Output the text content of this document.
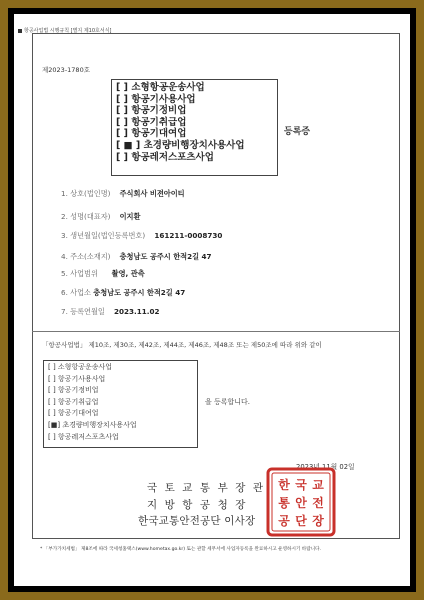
항공사업법 시행규칙 [별지 제10호서식]
제2023-1780호
[ ] 소형항공운송사업
[ ] 항공기사용사업
[ ] 항공기정비업
[ ] 항공기취급업
[ ] 항공기대여업
[ ■ ] 초경량비행장치사용사업
[ ] 항공레저스포츠사업
등록증
1. 상호(법인명) 주식회사 비젼아이티
2. 성명(대표자) 이지환
3. 생년월일(법인등록번호) 161211-0008730
4. 주소(소재지) 충청남도 공주시 한적2길 47
5. 사업범위 촬영, 관측
6. 사업소 충청남도 공주시 한적2길 47
7. 등록연월일 2023.11.02
「항공사업법」 제10조, 제30조, 제42조, 제44조, 제46조, 제48조 또는 제50조에 따라 위와 같이
[ ] 소형항공운송사업
[ ] 항공기사용사업
[ ] 항공기정비업
[ ] 항공기취급업
[ ] 항공기대여업
[■] 초경량비행장치사용사업
[ ] 항공레저스포츠사업
을 등록합니다.
2023년 11월 02일
국토교통부장관
지방항공청장
한국교통안전공단 이사장
한 국 교
통 안 전
공 단 장
* 「부가가치세법」 제8조에 따라 국세청홈택스(www.hometax.go.kr) 또는 관할 세무서에 사업자등록을 완료하시고 운영하시기 바랍니다.
